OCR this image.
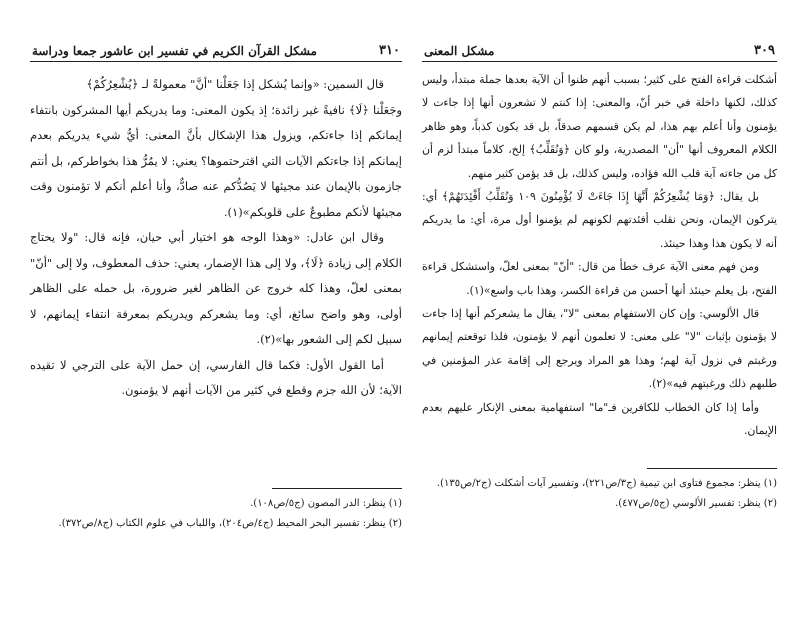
٣١٠
مشكل القرآن الكريم في تفسير ابن عاشور جمعا ودراسة

قال السمين: «وإنما يُشكل إذا جَعَلْنا "أنَّ" معمولةً لـ ﴿يُشْعِرُكُمْ﴾

وجَعَلْنا ﴿لَا﴾ نافيةً غير زائدة؛ إذ يكون المعنى: وما يدريكم أيها المشركون بانتفاء إيمانكم إذا جاءتكم، ويزول هذا الإشكال بأنَّ المعنى: أيُّ شيء يدريكم بعدم إيمانكم إذا جاءتكم الآيات التي اقترحتموها؟ يعني: لا يمُرُّ هذا بخواطركم، بل أنتم جازمون بالإيمان عند مجيئها لا يَصُدُّكم عنه صادٌّ، وأنا أعلم أنكم لا تؤمنون وقت مجيئها لأنكم مطبوعٌ على قلوبكم»(١).

وقال ابن عادل: «وهذا الوجه هو اختيار أبي حيان، فإنه قال: "ولا يحتاج الكلام إلى زيادة ﴿لَا﴾، ولا إلى هذا الإضمار، يعني: حذف المعطوف، ولا إلى "أنّ" بمعنى لعلّ، وهذا كله خروج عن الظاهر لغير ضرورة، بل حمله على الظاهر أولى، وهو واضح سائغ، أي: وما يشعركم ويدريكم بمعرفة انتفاء إيمانهم، لا سبيل لكم إلى الشعور بها»(٢).

أما القول الأول: فكما قال الفارسي، إن حمل الآية على الترجي لا تقيده الآية؛ لأن الله جزم وقطع في كثير من الآيات أنهم لا يؤمنون.

(١) ينظر: الدر المصون (ج٥/ص١٠٨).

(٢) ينظر: تفسير البحر المحيط (ج٤/ص٢٠٤)، واللباب في علوم الكتاب (ج٨/ص٣٧٢).

٣٠٩
مشكل المعنى

أشكلت قراءة الفتح على كثير؛ بسبب أنهم ظنوا أن الآية بعدها جملة مبتدأ، وليس كذلك، لكنها داخلة في خبر أنّ، والمعنى: إذا كنتم لا تشعرون أنها إذا جاءت لا يؤمنون وأنا أعلم بهم هذا، لم يكن قسمهم صدقاً، بل قد يكون كذباً، وهو ظاهر الكلام المعروف أنها "أن" المصدرية، ولو كان ﴿وَنُقَلِّبُ﴾ إلخ، كلاماً مبتدأ لزم أن كل من جاءته آية قلب الله فؤاده، وليس كذلك، بل قد يؤمن كثير منهم.

بل يقال: ﴿وَمَا يُشْعِرُكُمْ أَنَّهَا إِذَا جَاءَتْ لَا يُؤْمِنُونَ ١٠٩ وَنُقَلِّبُ أَفْئِدَتَهُمْ﴾ أي: يتركون الإيمان، ونحن نقلب أفئدتهم لكونهم لم يؤمنوا أول مرة، أي: ما يدريكم أنه لا يكون هذا وهذا حينئذ.

ومن فهم معنى الآية عرف خطأ من قال: "أنّ" بمعنى لعلّ، واستشكل قراءة الفتح، بل يعلم حينئذ أنها أحسن من قراءة الكسر، وهذا باب واسع»(١).

قال الألوسي: وإن كان الاستفهام بمعنى "لا"، يقال ما يشعركم أنها إذا جاءت لا يؤمنون بإثبات "لا" على معنى: لا تعلمون أنهم لا يؤمنون، فلذا توقعتم إيمانهم ورغبتم في نزول آية لهم؛ وهذا هو المراد ويرجع إلى إقامة عذر المؤمنين في طلبهم ذلك ورغبتهم فيه»(٢).

وأما إذا كان الخطاب للكافرين فـ"ما" استفهامية بمعنى الإنكار عليهم بعدم الإيمان.

(١) ينظر: مجموع فتاوى ابن تيمية (ج٣/ص٢٢١)، وتفسير آيات أشكلت (ج٢/ص١٣٥).

(٢) ينظر: تفسير الألوسي (ج٥/ص٤٧٧).
